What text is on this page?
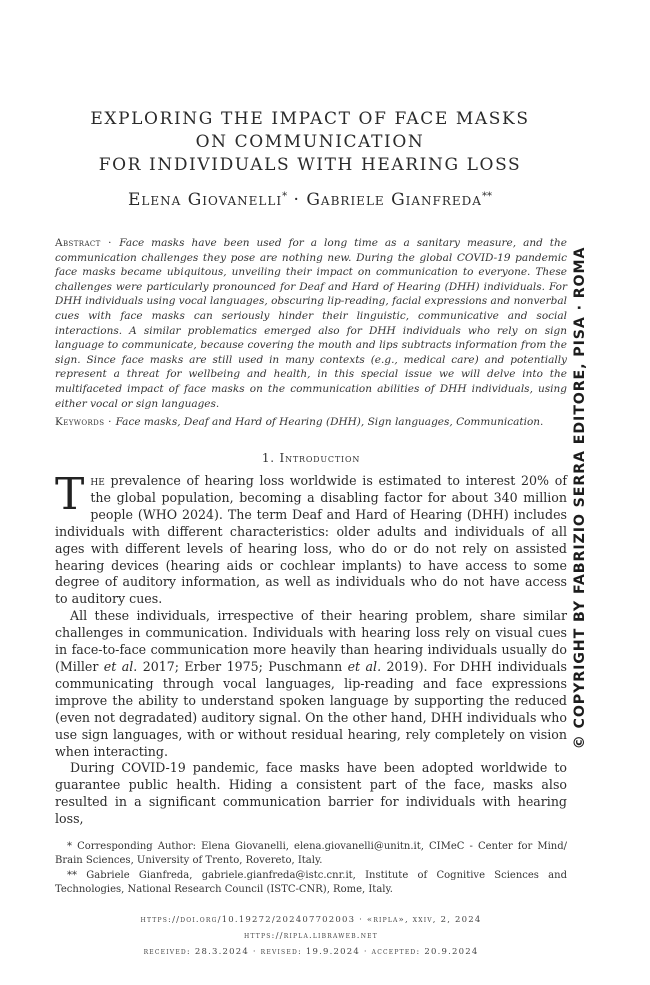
EXPLORING THE IMPACT OF FACE MASKS
ON COMMUNICATION
FOR INDIVIDUALS WITH HEARING LOSS
Elena Giovanelli* · Gabriele Gianfreda**
Abstract · Face masks have been used for a long time as a sanitary measure, and the communication challenges they pose are nothing new. During the global COVID-19 pandemic face masks became ubiquitous, unveiling their impact on communication to everyone. These challenges were particularly pronounced for Deaf and Hard of Hearing (DHH) individuals. For DHH individuals using vocal languages, obscuring lip-reading, facial expressions and nonverbal cues with face masks can seriously hinder their linguistic, communicative and social interactions. A similar problematics emerged also for DHH individuals who rely on sign language to communicate, because covering the mouth and lips subtracts information from the sign. Since face masks are still used in many contexts (e.g., medical care) and potentially represent a threat for wellbeing and health, in this special issue we will delve into the multifaceted impact of face masks on the communication abilities of DHH individuals, using either vocal or sign languages.
Keywords · Face masks, Deaf and Hard of Hearing (DHH), Sign languages, Communication.
1. Introduction

The prevalence of hearing loss worldwide is estimated to interest 20% of the global population, becoming a disabling factor for about 340 million people (WHO 2024). The term Deaf and Hard of Hearing (DHH) includes individuals with different characteristics: older adults and individuals of all ages with different levels of hearing loss, who do or do not rely on assisted hearing devices (hearing aids or cochlear implants) to have access to some degree of auditory information, as well as individuals who do not have access to auditory cues.

All these individuals, irrespective of their hearing problem, share similar challenges in communication. Individuals with hearing loss rely on visual cues in face-to-face communication more heavily than hearing individuals usually do (Miller et al. 2017; Erber 1975; Puschmann et al. 2019). For DHH individuals communicating through vocal languages, lip-reading and face expressions improve the ability to understand spoken language by supporting the reduced (even not degradated) auditory signal. On the other hand, DHH individuals who use sign languages, with or without residual hearing, rely completely on vision when interacting.

During COVID-19 pandemic, face masks have been adopted worldwide to guarantee public health. Hiding a consistent part of the face, masks also resulted in a significant communication barrier for individuals with hearing loss,

© COPYRIGHT BY FABRIZIO SERRA EDITORE, PISA · ROMA
* Corresponding Author: Elena Giovanelli, elena.giovanelli@unitn.it, CIMeC - Center for Mind/ Brain Sciences, University of Trento, Rovereto, Italy.
** Gabriele Gianfreda, gabriele.gianfreda@istc.cnr.it, Institute of Cognitive Sciences and Technologies, National Research Council (ISTC-CNR), Rome, Italy.
https://doi.org/10.19272/202407702003 · «ripla», xxiv, 2, 2024
https://ripla.libraweb.net
received: 28.3.2024 · revised: 19.9.2024 · accepted: 20.9.2024
